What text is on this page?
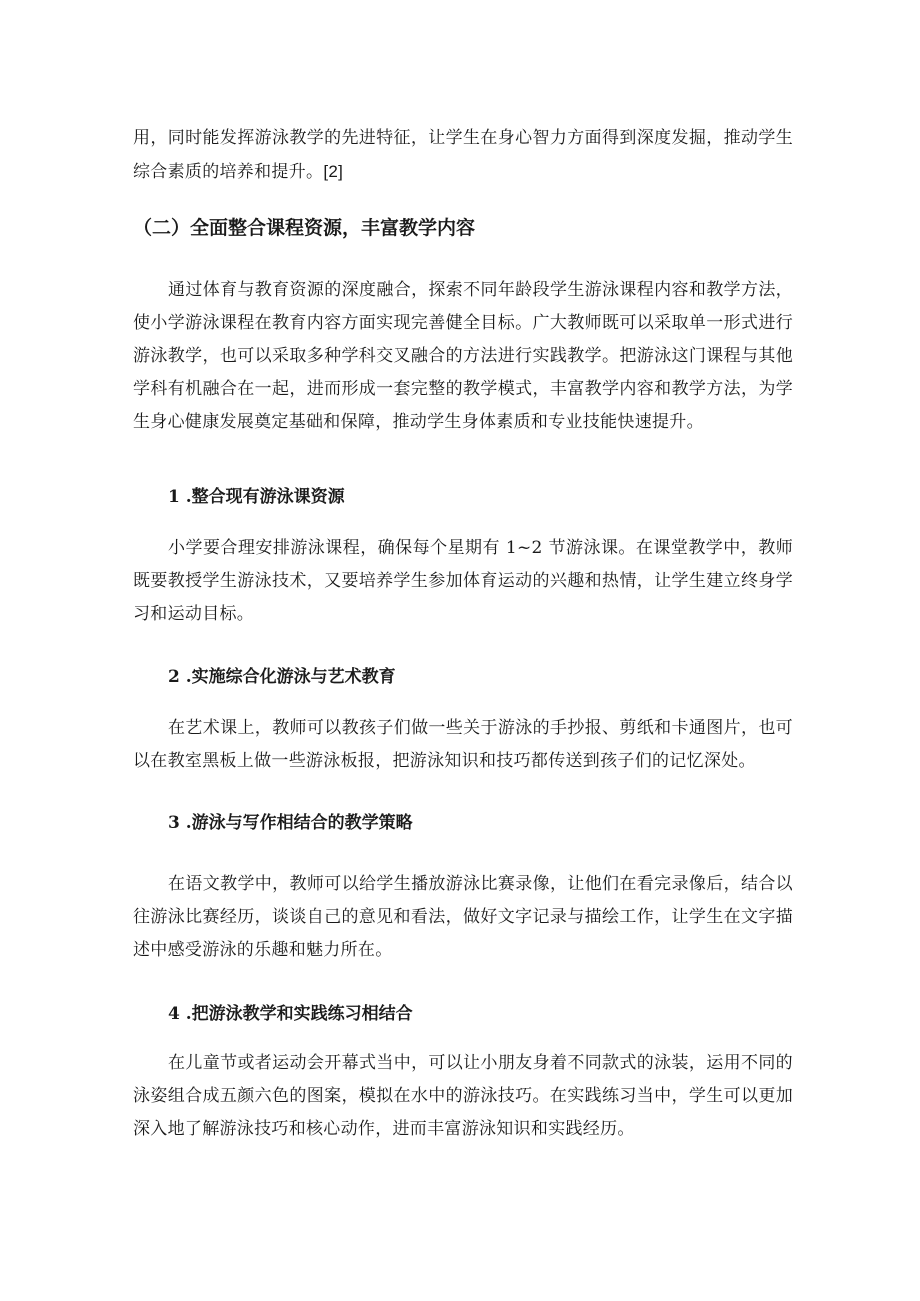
用，同时能发挥游泳教学的先进特征，让学生在身心智力方面得到深度发掘，推动学生综合素质的培养和提升。[2]

（二）全面整合课程资源，丰富教学内容

通过体育与教育资源的深度融合，探索不同年龄段学生游泳课程内容和教学方法，使小学游泳课程在教育内容方面实现完善健全目标。广大教师既可以采取单一形式进行游泳教学，也可以采取多种学科交叉融合的方法进行实践教学。把游泳这门课程与其他学科有机融合在一起，进而形成一套完整的教学模式，丰富教学内容和教学方法，为学生身心健康发展奠定基础和保障，推动学生身体素质和专业技能快速提升。

1 .整合现有游泳课资源

小学要合理安排游泳课程，确保每个星期有 1~2 节游泳课。在课堂教学中，教师既要教授学生游泳技术，又要培养学生参加体育运动的兴趣和热情，让学生建立终身学习和运动目标。

2 .实施综合化游泳与艺术教育

在艺术课上，教师可以教孩子们做一些关于游泳的手抄报、剪纸和卡通图片，也可以在教室黑板上做一些游泳板报，把游泳知识和技巧都传送到孩子们的记忆深处。

3 .游泳与写作相结合的教学策略

在语文教学中，教师可以给学生播放游泳比赛录像，让他们在看完录像后，结合以往游泳比赛经历，谈谈自己的意见和看法，做好文字记录与描绘工作，让学生在文字描述中感受游泳的乐趣和魅力所在。

4 .把游泳教学和实践练习相结合

在儿童节或者运动会开幕式当中，可以让小朋友身着不同款式的泳装，运用不同的泳姿组合成五颜六色的图案，模拟在水中的游泳技巧。在实践练习当中，学生可以更加深入地了解游泳技巧和核心动作，进而丰富游泳知识和实践经历。
